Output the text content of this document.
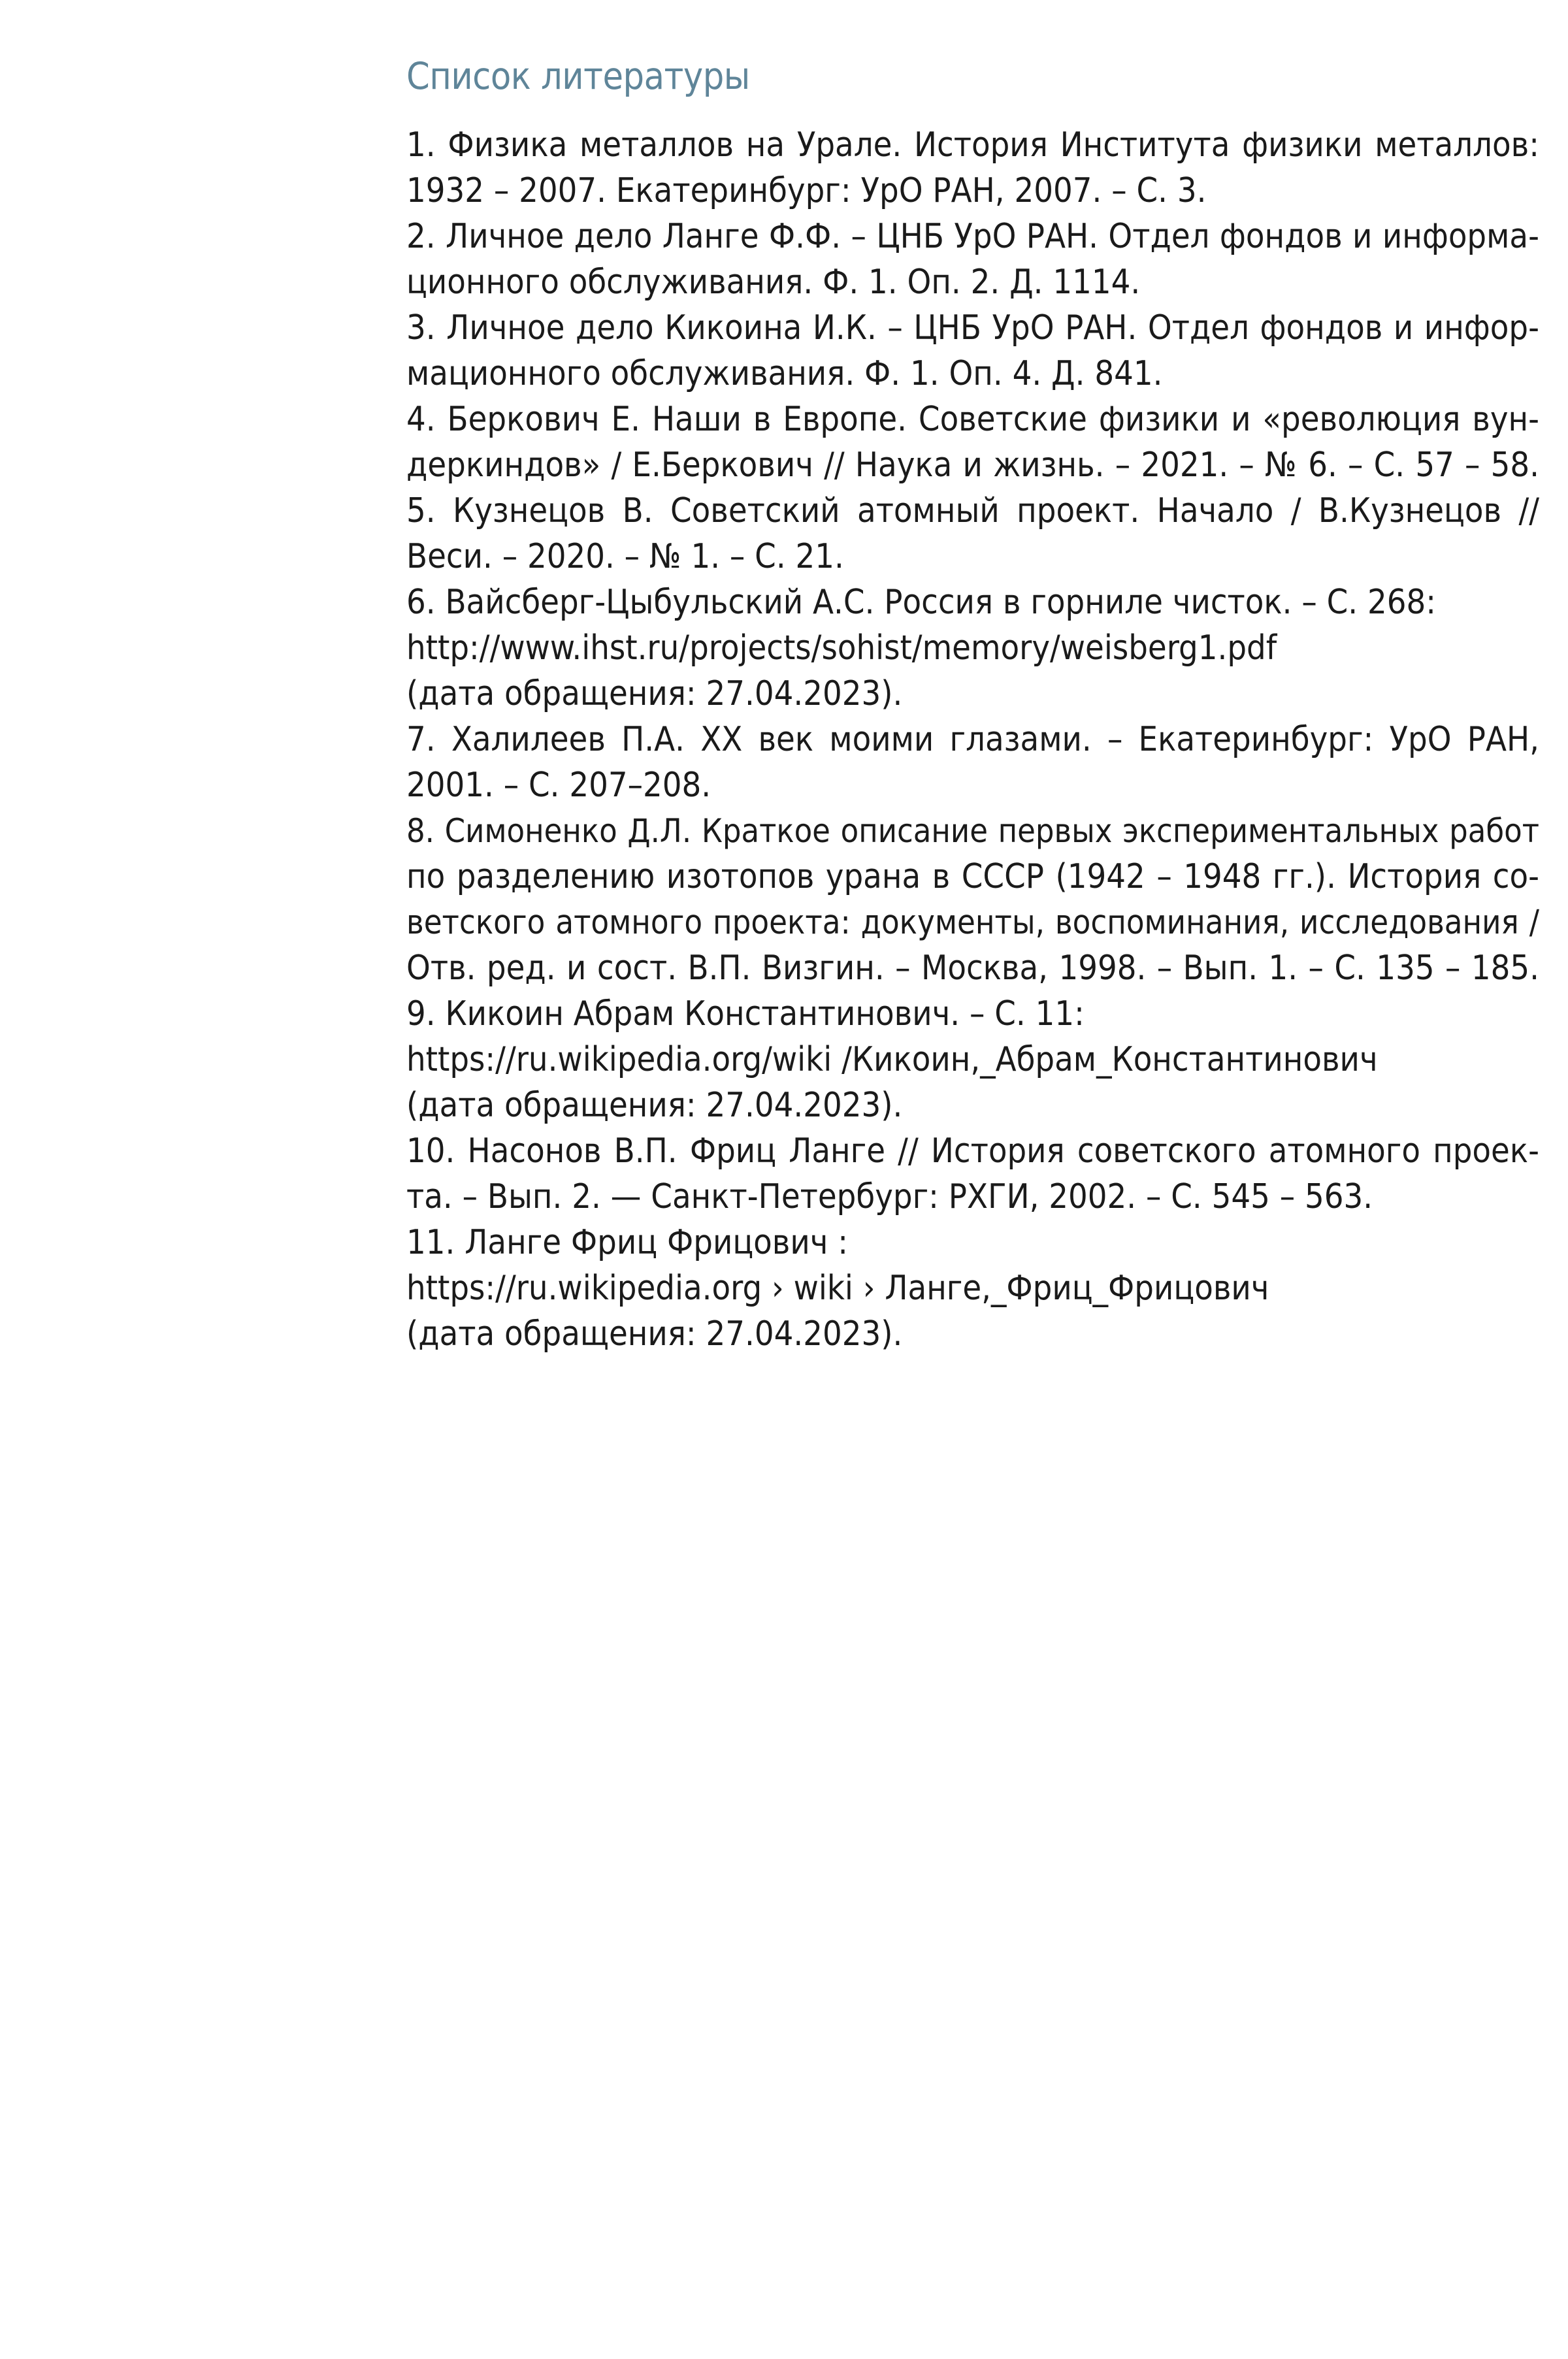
Список литературы
1. Физика металлов на Урале. История Института физики металлов:
1932 – 2007. Екатеринбург: УрО РАН, 2007. – С. 3.
2. Личное дело Ланге Ф.Ф. – ЦНБ УрО РАН. Отдел фондов и информа-
ционного обслуживания. Ф. 1. Оп. 2. Д. 1114.
3. Личное дело Кикоина И.К. – ЦНБ УрО РАН. Отдел фондов и инфор-
мационного обслуживания. Ф. 1. Оп. 4. Д. 841.
4. Беркович Е. Наши в Европе. Советские физики и «революция вун-
деркиндов» / Е.Беркович // Наука и жизнь. – 2021. – № 6. – С. 57 – 58.
5. Кузнецов В. Советский атомный проект. Начало / В.Кузнецов //
Веси. – 2020. – № 1. – С. 21.
6. Вайсберг-Цыбульский А.С. Россия в горниле чисток. – С. 268:
http://www.ihst.ru/projects/sohist/memory/weisberg1.pdf
(дата обращения: 27.04.2023).
7. Халилеев П.А. XX век моими глазами. – Екатеринбург: УрО РАН,
2001. – С. 207–208.
8. Симоненко Д.Л. Краткое описание первых экспериментальных работ
по разделению изотопов урана в СССР (1942 – 1948 гг.). История со-
ветского атомного проекта: документы, воспоминания, исследования /
Отв. ред. и сост. В.П. Визгин. – Москва, 1998. – Вып. 1. – С. 135 – 185.
9. Кикоин Абрам Константинович. – С. 11:
https://ru.wikipedia.org/wiki /Кикоин,_Абрам_Константинович
(дата обращения: 27.04.2023).
10. Насонов В.П. Фриц Ланге // История советского атомного проек-
та. – Вып. 2. — Санкт-Петербург: РХГИ, 2002. – С. 545 – 563.
11. Ланге Фриц Фрицович :
https://ru.wikipedia.org › wiki › Ланге,_Фриц_Фрицович
(дата обращения: 27.04.2023).
